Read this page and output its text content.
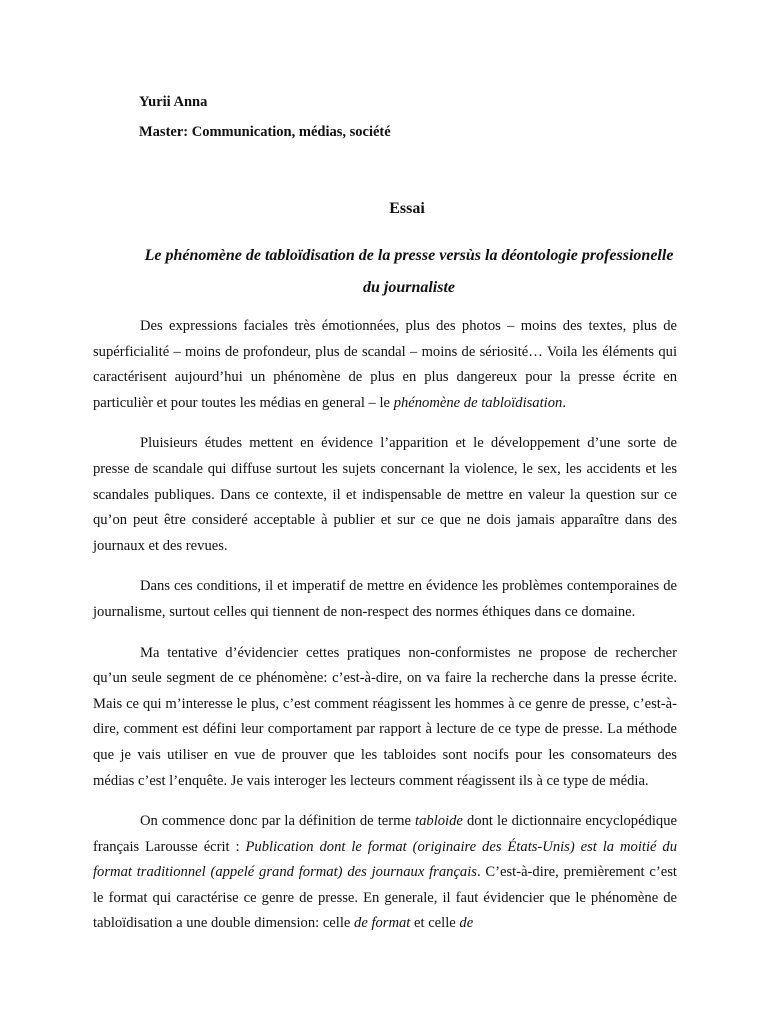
Yurii Anna
Master: Communication, médias, société
Essai
Le phénomène de tabloïdisation de la presse versùs la déontologie professionelle du journaliste

Des expressions faciales très émotionnées, plus des photos – moins des textes, plus de supérficialité – moins de profondeur, plus de scandal – moins de sériosité… Voila les éléments qui caractérisent aujourd’hui un phénomène de plus en plus dangereux pour la presse écrite en particulièr et pour toutes les médias en general – le phénomène de tabloïdisation.

Pluisieurs études mettent en évidence l’apparition et le développement d’une sorte de presse de scandale qui diffuse surtout les sujets concernant la violence, le sex, les accidents et les scandales publiques. Dans ce contexte, il et indispensable de mettre en valeur la question sur ce qu’on peut être consideré acceptable à publier et sur ce que ne dois jamais apparaître dans des journaux et des revues.

Dans ces conditions, il et imperatif de mettre en évidence les problèmes contemporaines de journalisme, surtout celles qui tiennent de non-respect des normes éthiques dans ce domaine.

Ma tentative d’évidencier cettes pratiques non-conformistes ne propose de rechercher qu’un seule segment de ce phénomène: c’est-à-dire, on va faire la recherche dans la presse écrite. Mais ce qui m’interesse le plus, c’est comment réagissent les hommes à ce genre de presse, c’est-à-dire, comment est défini leur comportament par rapport à lecture de ce type de presse. La méthode que je vais utiliser en vue de prouver que les tabloides sont nocifs pour les consomateurs des médias c’est l’enquête. Je vais interoger les lecteurs comment réagissent ils à ce type de média.

On commence donc par la définition de terme tabloide dont le dictionnaire encyclopédique français Larousse écrit : Publication dont le format (originaire des États-Unis) est la moitié du format traditionnel (appelé grand format) des journaux français. C’est-à-dire, premièrement c’est le format qui caractérise ce genre de presse. En generale, il faut évidencier que le phénomène de tabloïdisation a une double dimension: celle de format et celle de
